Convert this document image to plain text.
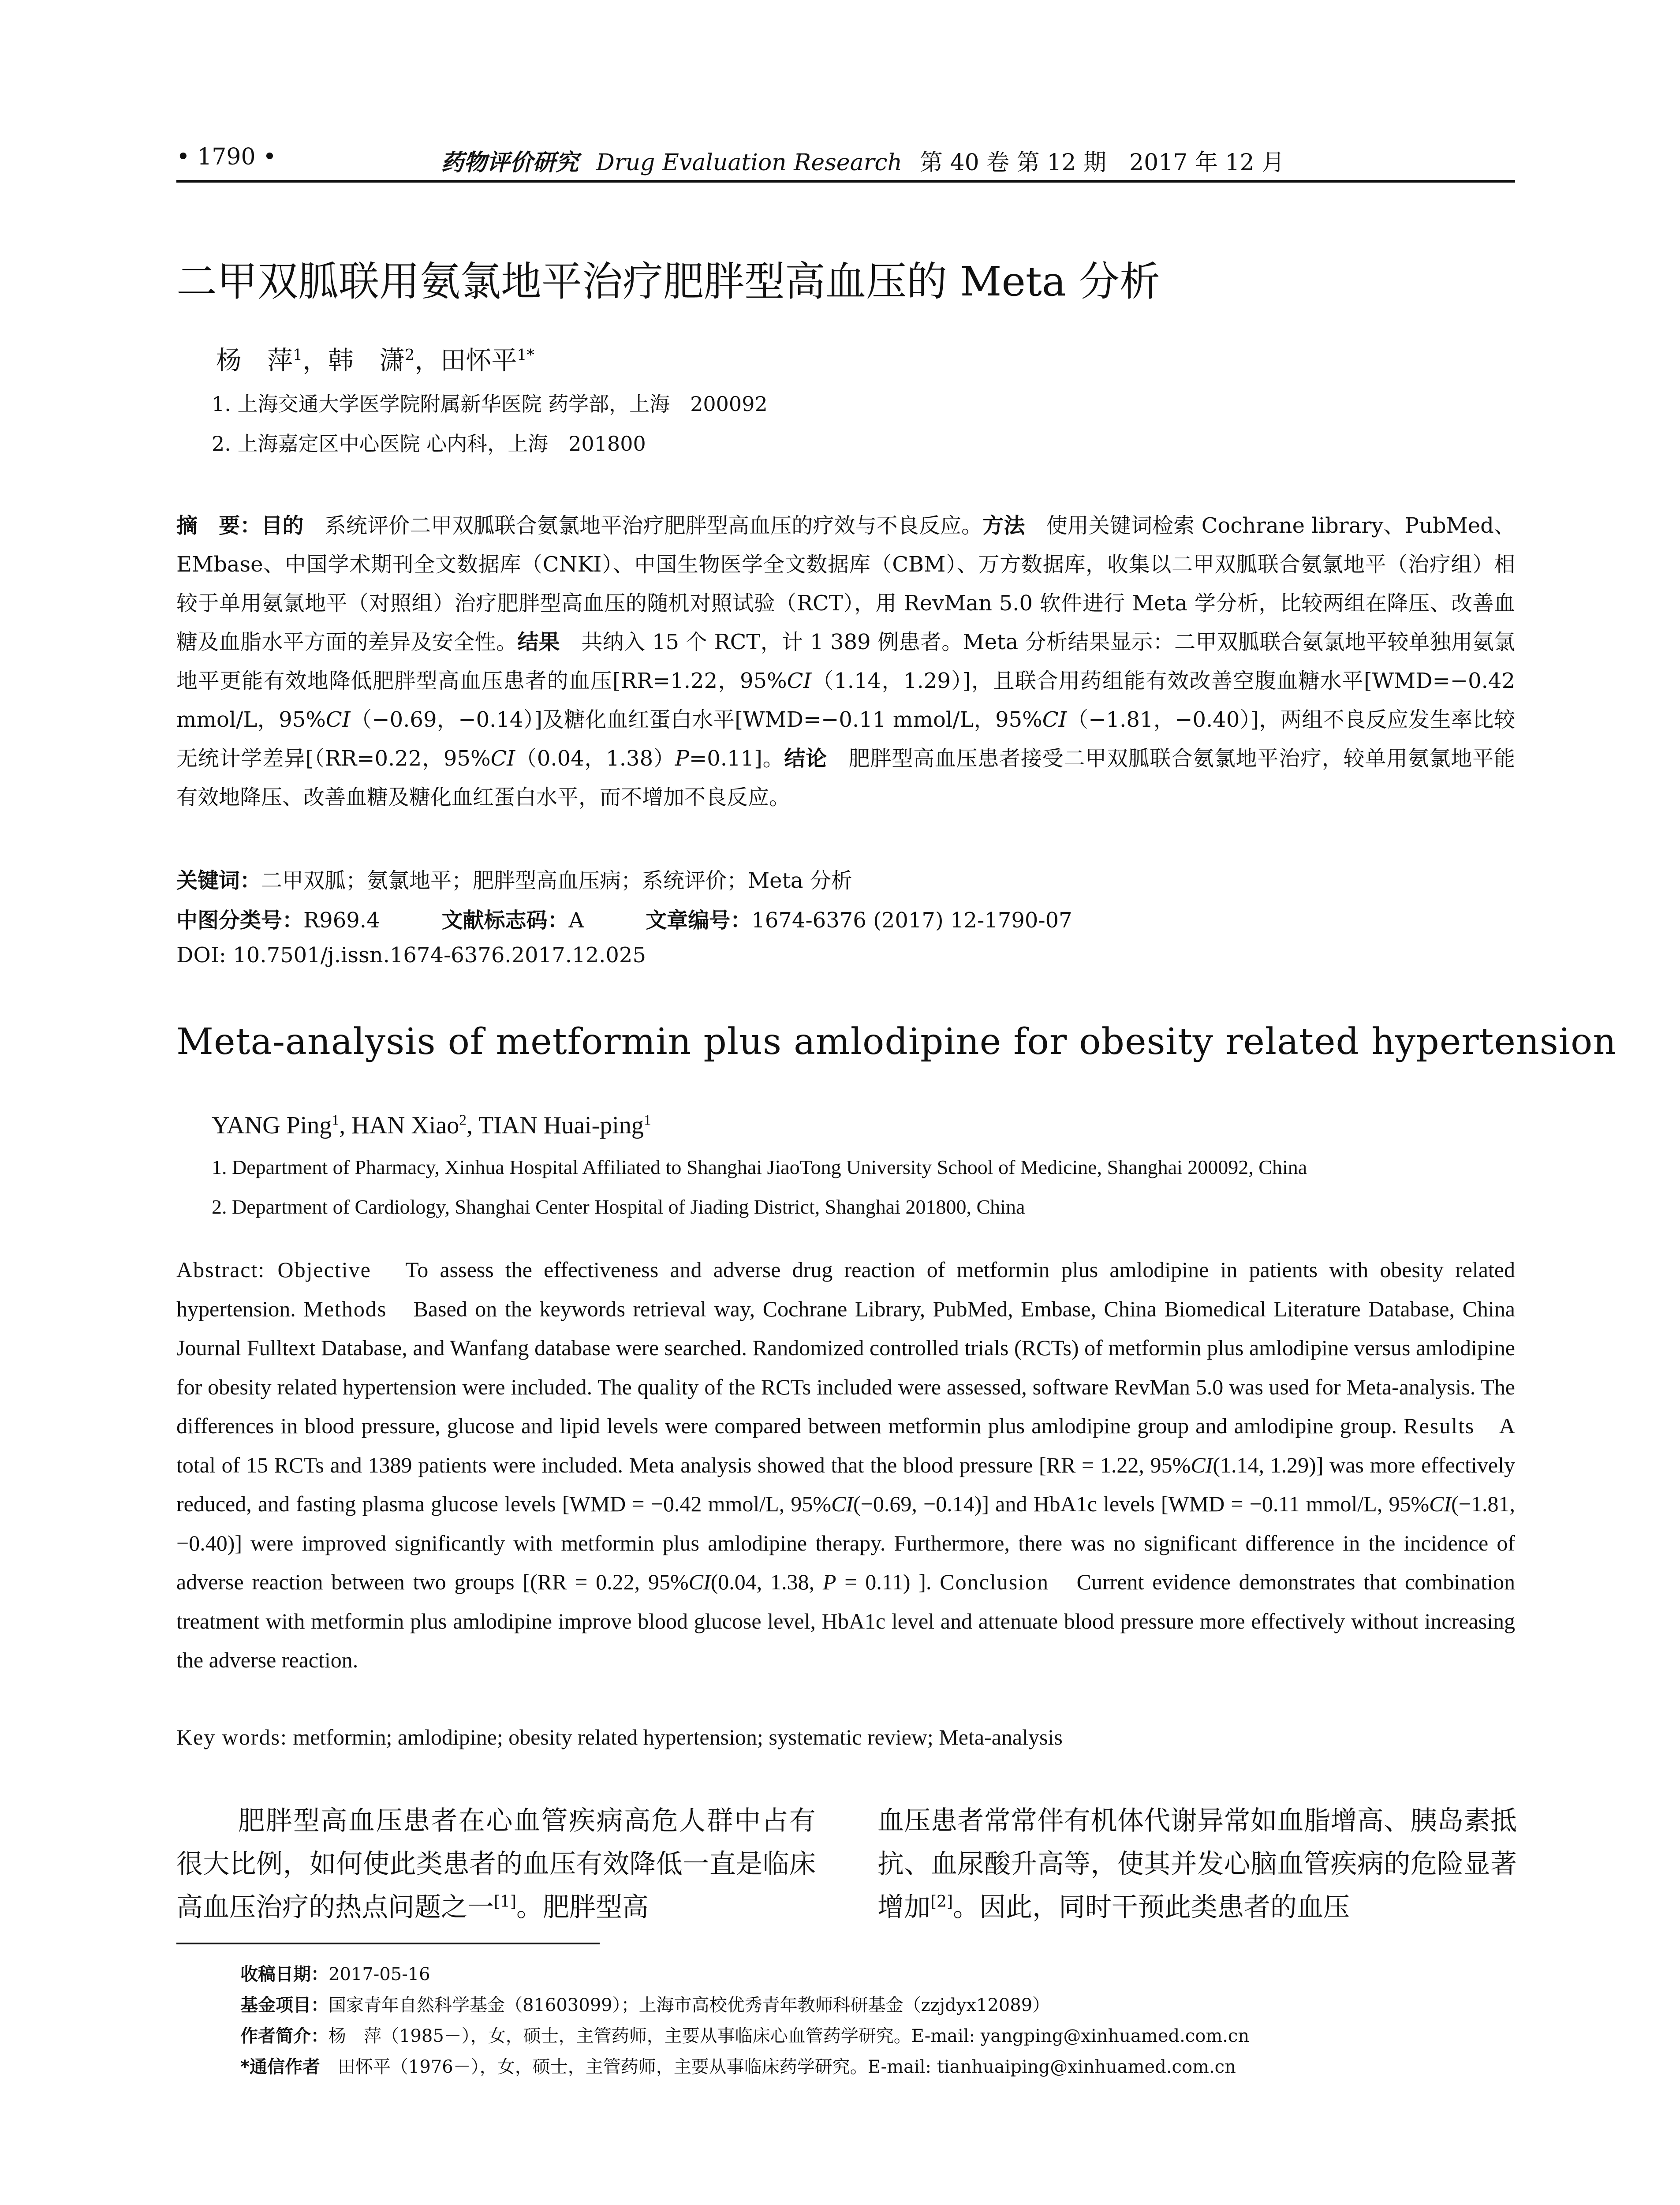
• 1790 •	药物评价研究 Drug Evaluation Research 第 40 卷 第 12 期　2017 年 12 月
二甲双胍联用氨氯地平治疗肥胖型高血压的 Meta 分析
杨　萍$^1$，韩　潇$^2$，田怀平$^{1*}$
1. 上海交通大学医学院附属新华医院 药学部，上海　200092
2. 上海嘉定区中心医院 心内科，上海　201800
摘　要：目的　系统评价二甲双胍联合氨氯地平治疗肥胖型高血压的疗效与不良反应。方法　使用关键词检索 Cochrane library、PubMed、EMbase、中国学术期刊全文数据库（CNKI）、中国生物医学全文数据库（CBM）、万方数据库，收集以二甲双胍联合氨氯地平（治疗组）相较于单用氨氯地平（对照组）治疗肥胖型高血压的随机对照试验（RCT），用 RevMan 5.0 软件进行 Meta 学分析，比较两组在降压、改善血糖及血脂水平方面的差异及安全性。结果　共纳入 15 个 RCT，计 1 389 例患者。Meta 分析结果显示：二甲双胍联合氨氯地平较单独用氨氯地平更能有效地降低肥胖型高血压患者的血压[RR=1.22，95%CI（1.14，1.29）]，且联合用药组能有效改善空腹血糖水平[WMD=−0.42 mmol/L，95%CI（−0.69，−0.14）]及糖化血红蛋白水平[WMD=−0.11 mmol/L，95%CI（−1.81，−0.40）]，两组不良反应发生率比较无统计学差异[（RR=0.22，95%CI（0.04，1.38）P=0.11]。结论　肥胖型高血压患者接受二甲双胍联合氨氯地平治疗，较单用氨氯地平能有效地降压、改善血糖及糖化血红蛋白水平，而不增加不良反应。
关键词：二甲双胍；氨氯地平；肥胖型高血压病；系统评价；Meta 分析
中图分类号：R969.4	文献标志码：A	文章编号：1674-6376 (2017) 12-1790-07
DOI: 10.7501/j.issn.1674-6376.2017.12.025
Meta-analysis of metformin plus amlodipine for obesity related hypertension
YANG Ping$^1$, HAN Xiao$^2$, TIAN Huai-ping$^1$
1. Department of Pharmacy, Xinhua Hospital Affiliated to Shanghai JiaoTong University School of Medicine, Shanghai 200092, China
2. Department of Cardiology, Shanghai Center Hospital of Jiading District, Shanghai 201800, China
Abstract: Objective　To assess the effectiveness and adverse drug reaction of metformin plus amlodipine in patients with obesity related hypertension. Methods　Based on the keywords retrieval way, Cochrane Library, PubMed, Embase, China Biomedical Literature Database, China Journal Fulltext Database, and Wanfang database were searched. Randomized controlled trials (RCTs) of metformin plus amlodipine versus amlodipine for obesity related hypertension were included. The quality of the RCTs included were assessed, software RevMan 5.0 was used for Meta-analysis. The differences in blood pressure, glucose and lipid levels were compared between metformin plus amlodipine group and amlodipine group. Results　A total of 15 RCTs and 1389 patients were included. Meta analysis showed that the blood pressure [RR = 1.22, 95%CI(1.14, 1.29)] was more effectively reduced, and fasting plasma glucose levels [WMD = −0.42 mmol/L, 95%CI(−0.69, −0.14)] and HbA1c levels [WMD = −0.11 mmol/L, 95%CI(−1.81, −0.40)] were improved significantly with metformin plus amlodipine therapy. Furthermore, there was no significant difference in the incidence of adverse reaction between two groups [(RR = 0.22, 95%CI(0.04, 1.38, P = 0.11) ]. Conclusion　Current evidence demonstrates that combination treatment with metformin plus amlodipine improve blood glucose level, HbA1c level and attenuate blood pressure more effectively without increasing the adverse reaction.
Key words: metformin; amlodipine; obesity related hypertension; systematic review; Meta-analysis
肥胖型高血压患者在心血管疾病高危人群中占有很大比例，如何使此类患者的血压有效降低一直是临床高血压治疗的热点问题之一[1]。肥胖型高
血压患者常常伴有机体代谢异常如血脂增高、胰岛素抵抗、血尿酸升高等，使其并发心脑血管疾病的危险显著增加[2]。因此，同时干预此类患者的血压
收稿日期：2017-05-16
基金项目：国家青年自然科学基金（81603099）；上海市高校优秀青年教师科研基金（zzjdyx12089）
作者简介：杨　萍（1985－），女，硕士，主管药师，主要从事临床心血管药学研究。E-mail: yangping@xinhuamed.com.cn
*通信作者　田怀平（1976－），女，硕士，主管药师，主要从事临床药学研究。E-mail: tianhuaiping@xinhuamed.com.cn
